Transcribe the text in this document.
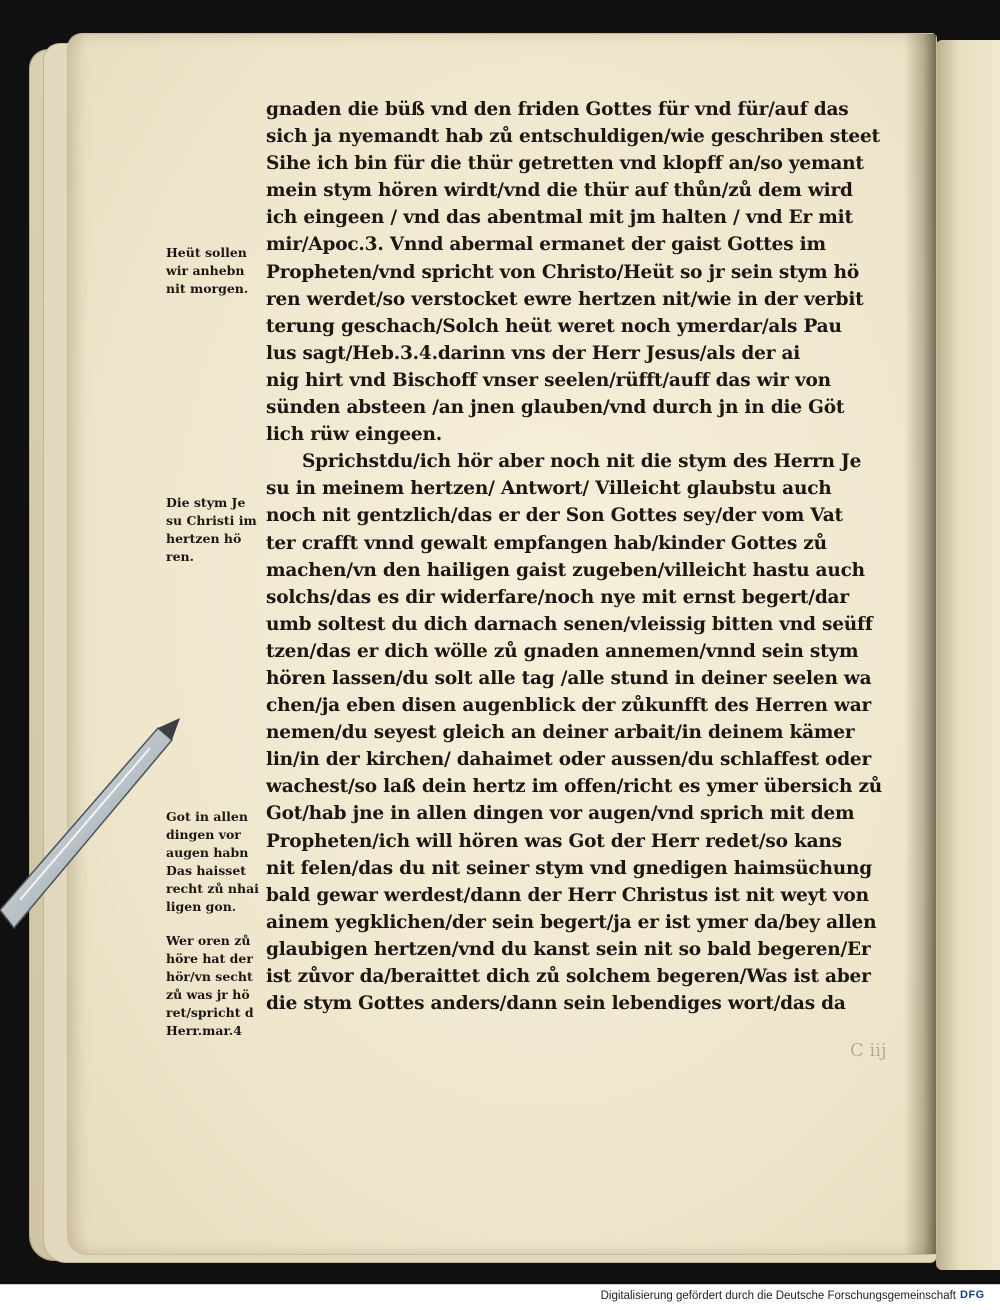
gnaden die büß vnd den friden Gottes für vnd für/auf das
sich ja nyemandt hab zů entschuldigen/wie geschriben steet
Sihe ich bin für die thür getretten vnd klopff an/so yemant
mein stym hören wirdt/vnd die thür auf thůn/zů dem wird
ich eingeen / vnd das abentmal mit jm halten / vnd Er mit
mir/Apoc.3. Vnnd abermal ermanet der gaist Gottes im
Propheten/vnd spricht von Christo/Heüt so jr sein stym hö
ren werdet/so verstocket ewre hertzen nit/wie in der verbit
terung geschach/Solch heüt weret noch ymerdar/als Pau
lus sagt/Heb.3.4.darinn vns der Herr Jesus/als der ai
nig hirt vnd Bischoff vnser seelen/rüfft/auff das wir von
sünden absteen /an jnen glauben/vnd durch jn in die Göt
lich rüw eingeen.
Sprichstdu/ich hör aber noch nit die stym des Herrn Je
su in meinem hertzen/ Antwort/ Villeicht glaubstu auch
noch nit gentzlich/das er der Son Gottes sey/der vom Vat
ter crafft vnnd gewalt empfangen hab/kinder Gottes zů
machen/vn den hailigen gaist zugeben/villeicht hastu auch
solchs/das es dir widerfare/noch nye mit ernst begert/dar
umb soltest du dich darnach senen/vleissig bitten vnd seüff
tzen/das er dich wölle zů gnaden annemen/vnnd sein stym
hören lassen/du solt alle tag /alle stund in deiner seelen wa
chen/ja eben disen augenblick der zůkunfft des Herren war
nemen/du seyest gleich an deiner arbait/in deinem kämer
lin/in der kirchen/ dahaimet oder aussen/du schlaffest oder
wachest/so laß dein hertz im offen/richt es ymer übersich zů
Got/hab jne in allen dingen vor augen/vnd sprich mit dem
Propheten/ich will hören was Got der Herr redet/so kans
nit felen/das du nit seiner stym vnd gnedigen haimsüchung
bald gewar werdest/dann der Herr Christus ist nit weyt von
ainem yegklichen/der sein begert/ja er ist ymer da/bey allen
glaubigen hertzen/vnd du kanst sein nit so bald begeren/Er
ist zůvor da/beraittet dich zů solchem begeren/Was ist aber
die stym Gottes anders/dann sein lebendiges wort/das da
Heüt sollen
wir anhebn
nit morgen.
Die stym Je
su Christi im
hertzen hö
ren.
Got in allen
dingen vor
augen habn
Das haisset
recht zů nhai
ligen gon.
Wer oren zů
höre hat der
hör/vn secht
zů was jr hö
ret/spricht d
Herr.mar.4
C iij
Digitalisierung gefördert durch die Deutsche Forschungsgemeinschaft DFG
